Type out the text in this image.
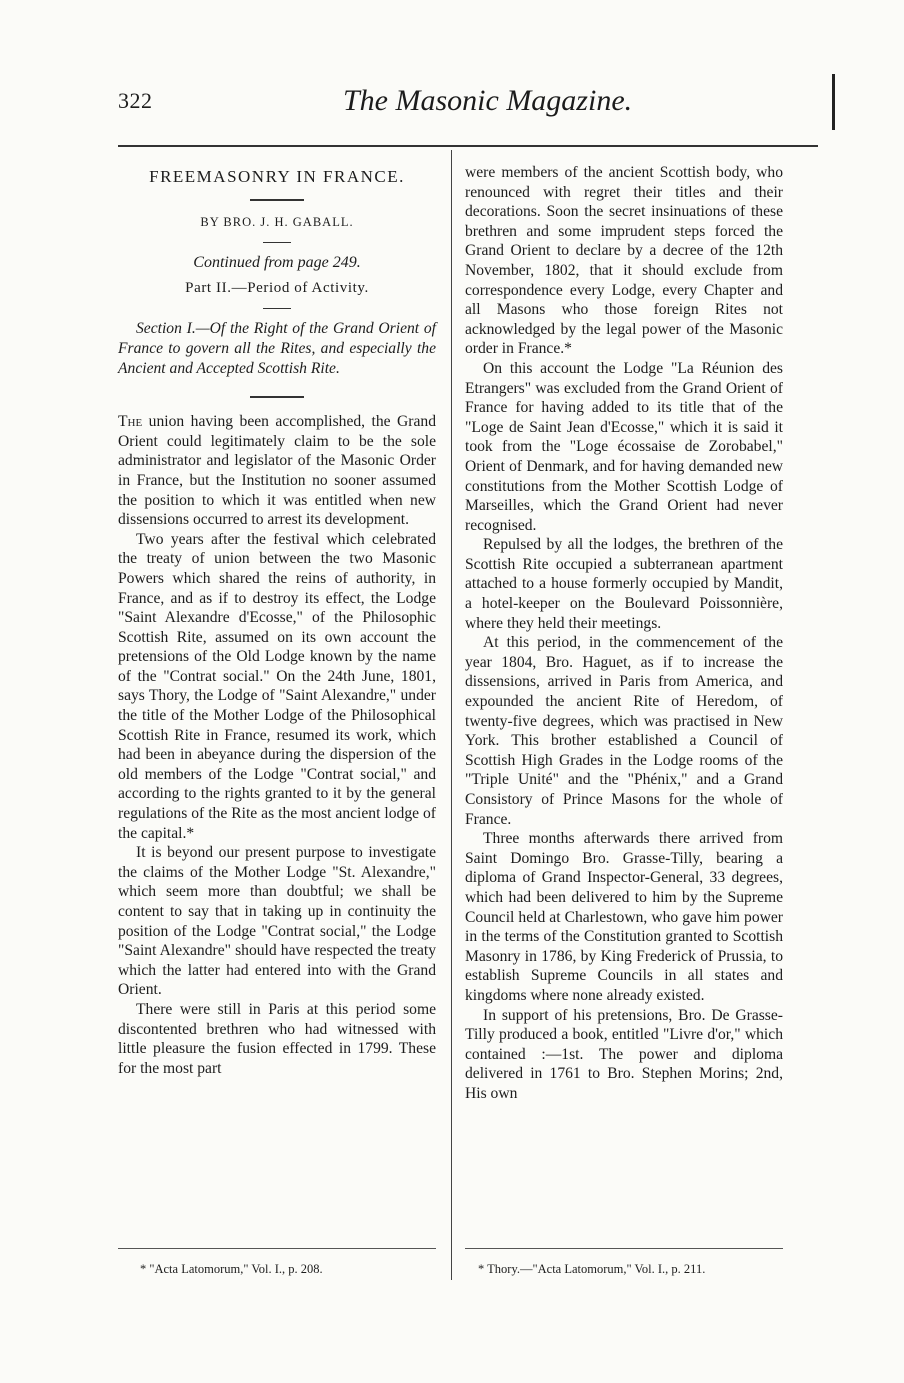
322	The Masonic Magazine.
FREEMASONRY IN FRANCE.
BY BRO. J. H. GABALL.
Continued from page 249.
Part II.—Period of Activity.
Section I.—Of the Right of the Grand Orient of France to govern all the Rites, and especially the Ancient and Accepted Scottish Rite.

The union having been accomplished, the Grand Orient could legitimately claim to be the sole administrator and legislator of the Masonic Order in France, but the Institution no sooner assumed the position to which it was entitled when new dissensions occurred to arrest its development.

Two years after the festival which celebrated the treaty of union between the two Masonic Powers which shared the reins of authority, in France, and as if to destroy its effect, the Lodge "Saint Alexandre d'Ecosse," of the Philosophic Scottish Rite, assumed on its own account the pretensions of the Old Lodge known by the name of the "Contrat social." On the 24th June, 1801, says Thory, the Lodge of "Saint Alexandre," under the title of the Mother Lodge of the Philosophical Scottish Rite in France, resumed its work, which had been in abeyance during the dispersion of the old members of the Lodge "Contrat social," and according to the rights granted to it by the general regulations of the Rite as the most ancient lodge of the capital.*

It is beyond our present purpose to investigate the claims of the Mother Lodge "St. Alexandre," which seem more than doubtful; we shall be content to say that in taking up in continuity the position of the Lodge "Contrat social," the Lodge "Saint Alexandre" should have respected the treaty which the latter had entered into with the Grand Orient.

There were still in Paris at this period some discontented brethren who had witnessed with little pleasure the fusion effected in 1799. These for the most part

were members of the ancient Scottish body, who renounced with regret their titles and their decorations. Soon the secret insinuations of these brethren and some imprudent steps forced the Grand Orient to declare by a decree of the 12th November, 1802, that it should exclude from correspondence every Lodge, every Chapter and all Masons who those foreign Rites not acknowledged by the legal power of the Masonic order in France.*

On this account the Lodge "La Réunion des Etrangers" was excluded from the Grand Orient of France for having added to its title that of the "Loge de Saint Jean d'Ecosse," which it is said it took from the "Loge écossaise de Zorobabel," Orient of Denmark, and for having demanded new constitutions from the Mother Scottish Lodge of Marseilles, which the Grand Orient had never recognised.

Repulsed by all the lodges, the brethren of the Scottish Rite occupied a subterranean apartment attached to a house formerly occupied by Mandit, a hotel-keeper on the Boulevard Poissonnière, where they held their meetings.

At this period, in the commencement of the year 1804, Bro. Haguet, as if to increase the dissensions, arrived in Paris from America, and expounded the ancient Rite of Heredom, of twenty-five degrees, which was practised in New York. This brother established a Council of Scottish High Grades in the Lodge rooms of the "Triple Unité" and the "Phénix," and a Grand Consistory of Prince Masons for the whole of France.

Three months afterwards there arrived from Saint Domingo Bro. Grasse-Tilly, bearing a diploma of Grand Inspector-General, 33 degrees, which had been delivered to him by the Supreme Council held at Charlestown, who gave him power in the terms of the Constitution granted to Scottish Masonry in 1786, by King Frederick of Prussia, to establish Supreme Councils in all states and kingdoms where none already existed.

In support of his pretensions, Bro. De Grasse-Tilly produced a book, entitled "Livre d'or," which contained :—1st. The power and diploma delivered in 1761 to Bro. Stephen Morins; 2nd, His own

* "Acta Latomorum," Vol. I., p. 208.	* Thory.—"Acta Latomorum," Vol. I., p. 211.
